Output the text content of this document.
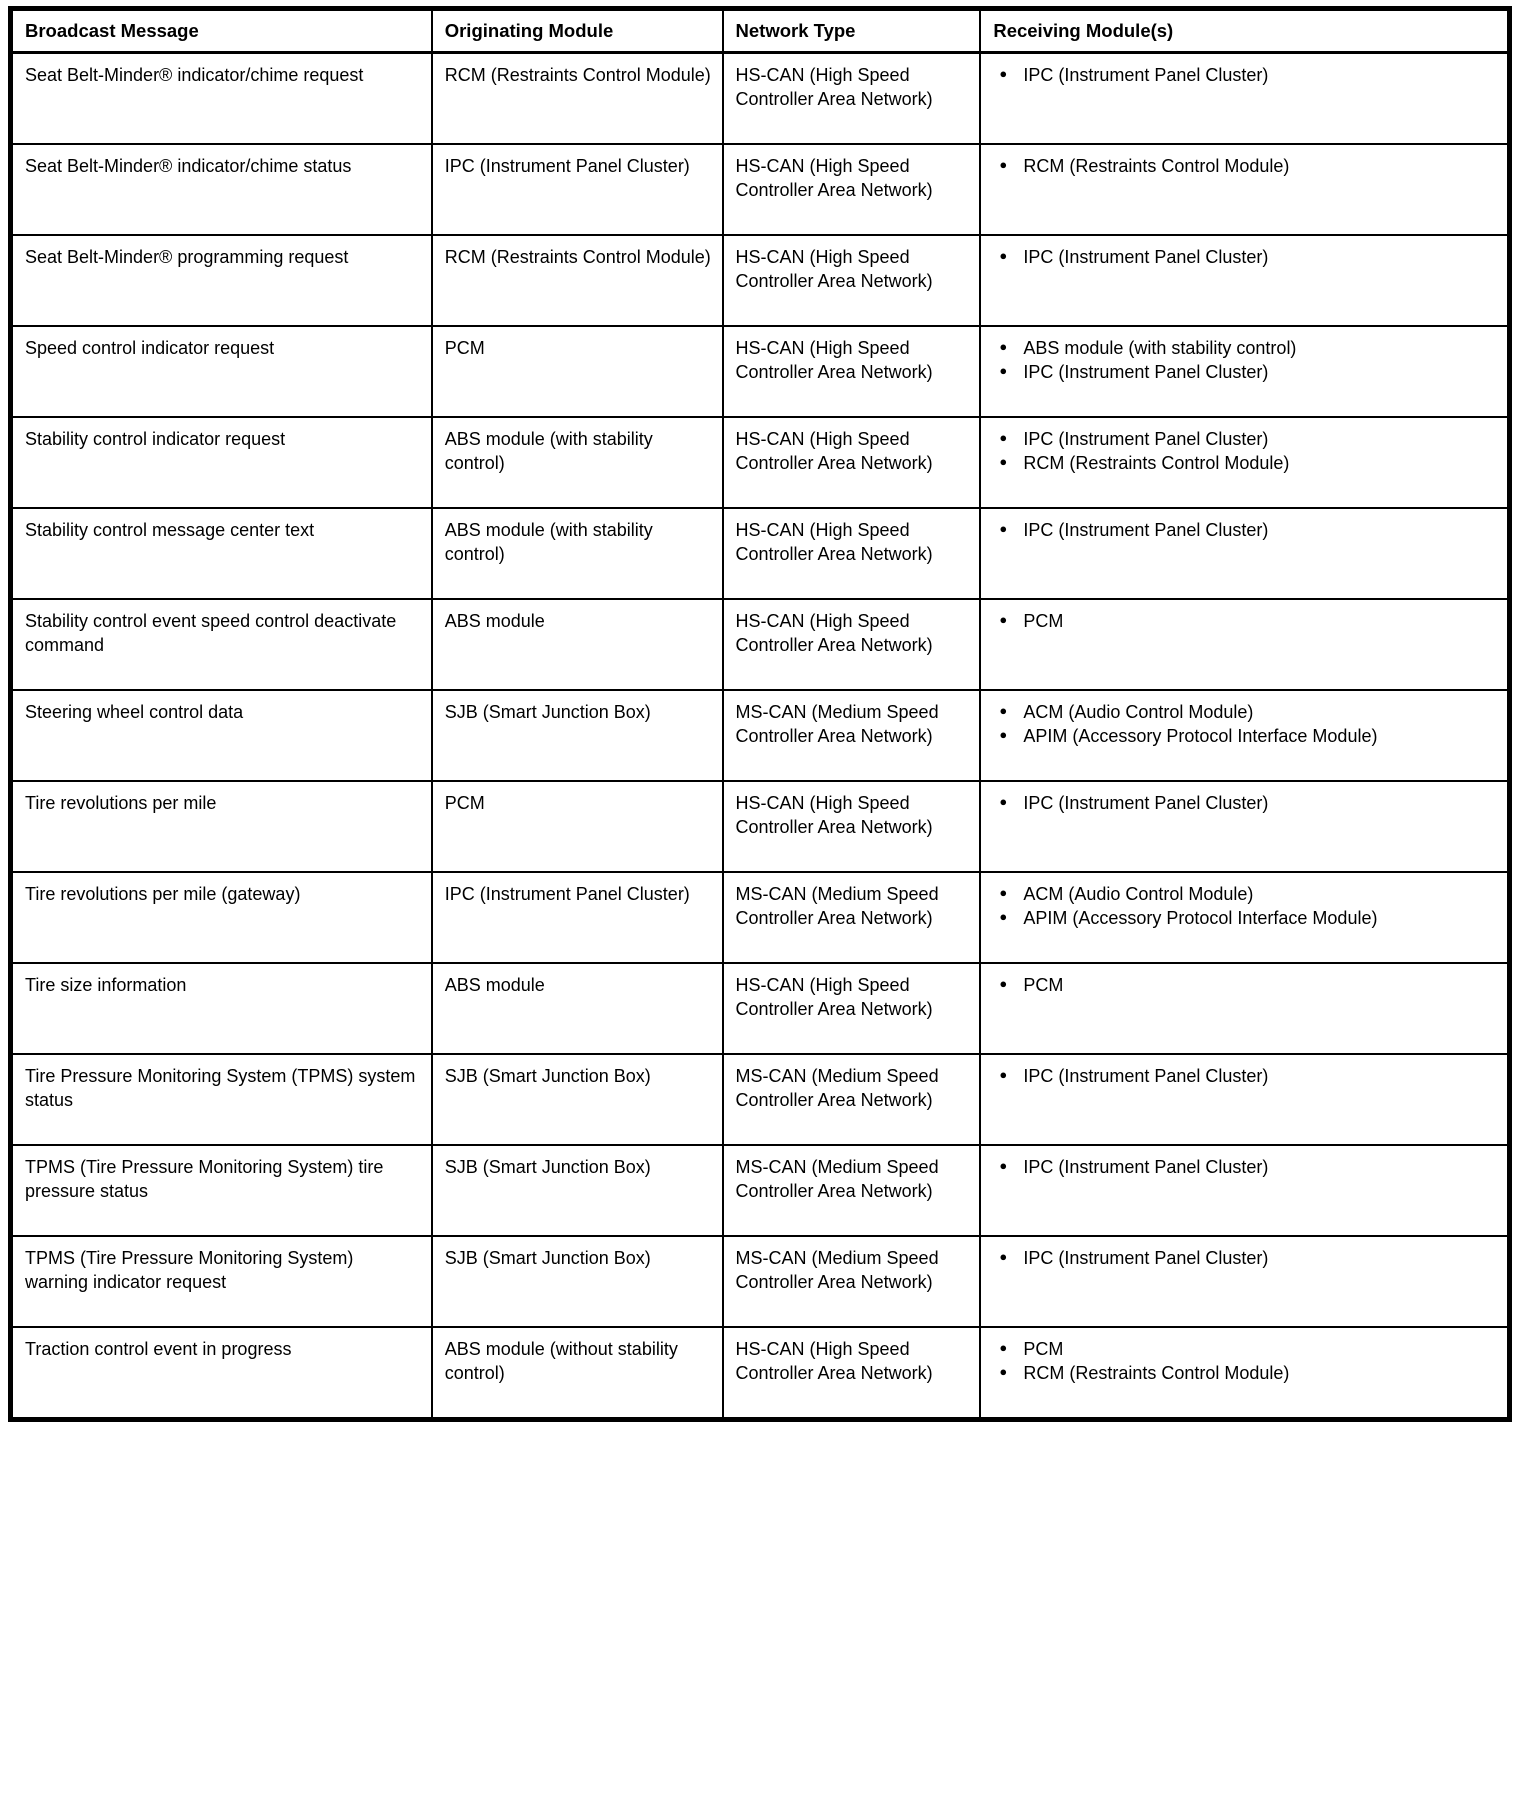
Broadcast Message	Originating Module	Network Type	Receiving Module(s)
Seat Belt-Minder® indicator/chime request	RCM (Restraints Control Module)	HS-CAN (High Speed Controller Area Network)	
● IPC (Instrument Panel Cluster)

Seat Belt-Minder® indicator/chime status	IPC (Instrument Panel Cluster)	HS-CAN (High Speed Controller Area Network)	
● RCM (Restraints Control Module)

Seat Belt-Minder® programming request	RCM (Restraints Control Module)	HS-CAN (High Speed Controller Area Network)	
● IPC (Instrument Panel Cluster)

Speed control indicator request	PCM	HS-CAN (High Speed Controller Area Network)	
● ABS module (with stability control)
● IPC (Instrument Panel Cluster)

Stability control indicator request	ABS module (with stability control)	HS-CAN (High Speed Controller Area Network)	
● IPC (Instrument Panel Cluster)
● RCM (Restraints Control Module)

Stability control message center text	ABS module (with stability control)	HS-CAN (High Speed Controller Area Network)	
● IPC (Instrument Panel Cluster)

Stability control event speed control deactivate command	ABS module	HS-CAN (High Speed Controller Area Network)	
● PCM

Steering wheel control data	SJB (Smart Junction Box)	MS-CAN (Medium Speed Controller Area Network)	
● ACM (Audio Control Module)
● APIM (Accessory Protocol Interface Module)

Tire revolutions per mile	PCM	HS-CAN (High Speed Controller Area Network)	
● IPC (Instrument Panel Cluster)

Tire revolutions per mile (gateway)	IPC (Instrument Panel Cluster)	MS-CAN (Medium Speed Controller Area Network)	
● ACM (Audio Control Module)
● APIM (Accessory Protocol Interface Module)

Tire size information	ABS module	HS-CAN (High Speed Controller Area Network)	
● PCM

Tire Pressure Monitoring System (TPMS) system status	SJB (Smart Junction Box)	MS-CAN (Medium Speed Controller Area Network)	
● IPC (Instrument Panel Cluster)

TPMS (Tire Pressure Monitoring System) tire pressure status	SJB (Smart Junction Box)	MS-CAN (Medium Speed Controller Area Network)	
● IPC (Instrument Panel Cluster)

TPMS (Tire Pressure Monitoring System) warning indicator request	SJB (Smart Junction Box)	MS-CAN (Medium Speed Controller Area Network)	
● IPC (Instrument Panel Cluster)

Traction control event in progress	ABS module (without stability control)	HS-CAN (High Speed Controller Area Network)	
● PCM
● RCM (Restraints Control Module)
